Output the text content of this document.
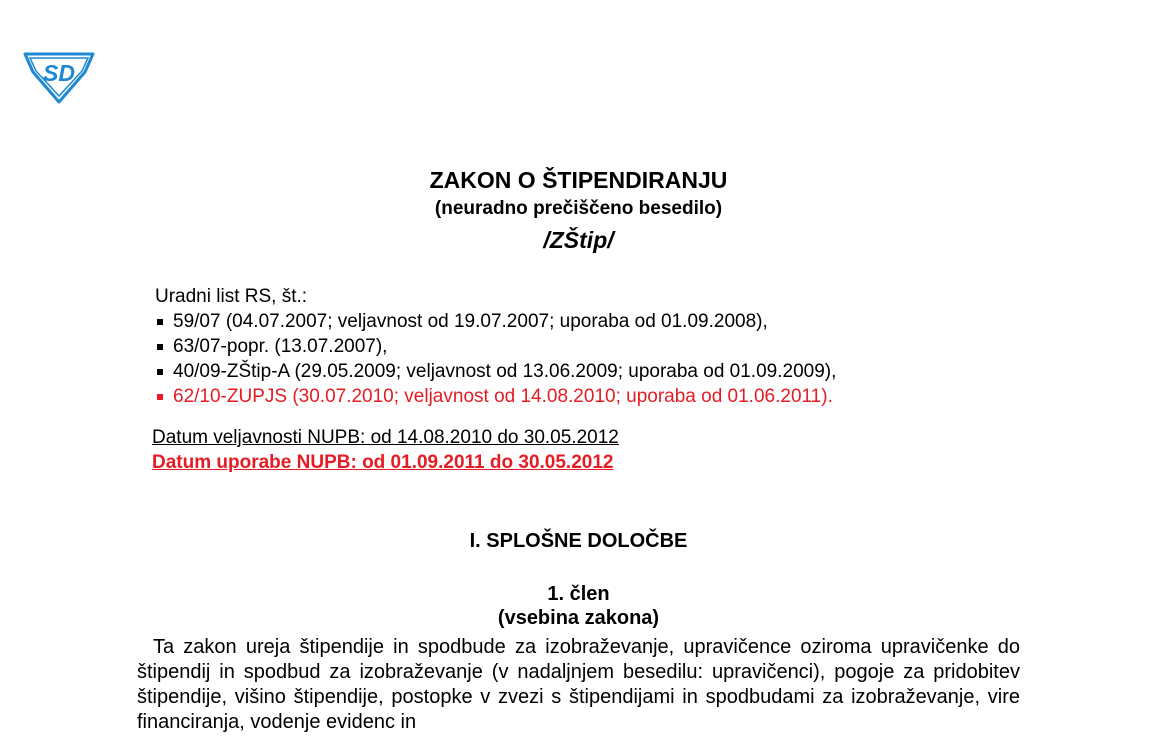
SD
ZAKON O ŠTIPENDIRANJU
(neuradno prečiščeno besedilo)
/ZŠtip/
Uradni list RS, št.:
59/07 (04.07.2007; veljavnost od 19.07.2007; uporaba od 01.09.2008),
63/07-popr. (13.07.2007),
40/09-ZŠtip-A (29.05.2009; veljavnost od 13.06.2009; uporaba od 01.09.2009),
62/10-ZUPJS (30.07.2010; veljavnost od 14.08.2010; uporaba od 01.06.2011).
Datum veljavnosti NUPB: od 14.08.2010 do 30.05.2012
Datum uporabe NUPB: od 01.09.2011 do 30.05.2012
I. SPLOŠNE DOLOČBE
1. člen
(vsebina zakona)

Ta zakon ureja štipendije in spodbude za izobraževanje, upravičence oziroma upravičenke do štipendij in spodbud za izobraževanje (v nadaljnjem besedilu: upravičenci), pogoje za pridobitev štipendije, višino štipendije, postopke v zvezi s štipendijami in spodbudami za izobraževanje, vire financiranja, vodenje evidenc in
